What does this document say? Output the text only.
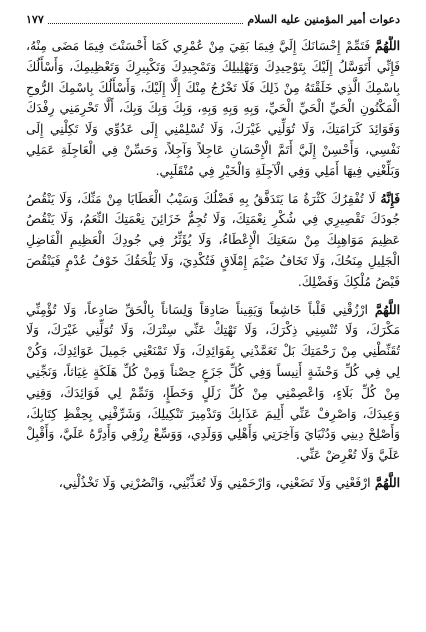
دعوات أمير المؤمنين عليه السلام
١٧٧

اللَّهُمَّ فَتَمِّمْ إِحْسَانَكَ إِلَيَّ فِيمَا بَقِيَ مِنْ عُمْرِي كَمَا أَحْسَنْتَ فِيمَا مَضَى مِنْهُ، فَإِنِّي أَتَوَسَّلُ إِلَيْكَ بِتَوْحِيدِكَ وَتَهْلِيلِكَ وَتَمْجِيدِكَ وَتَكْبِيرِكَ وَتَعْظِيمِكَ، وَأَسْأَلُكَ بِاسْمِكَ الَّذِي خَلَقْتَهُ مِنْ ذَلِكَ فَلَا تَخْرُجُ مِنْكَ إِلَّا إِلَيْكَ، وَأَسْأَلُكَ بِاسْمِكَ الرُّوحِ الْمَكْنُونِ الْحَيِّ الْحَيِّ الْحَيِّ، وَبِهِ وَبِهِ وَبِهِ، وَبِكَ وَبِكَ وَبِكَ، أَلَّا تَحْرِمَنِي رِفْدَكَ وَفَوَائِدَ كَرَامَتِكَ، وَلَا تُوَلِّنِي غَيْرَكَ، وَلَا تُسْلِمْنِي إِلَى عَدُوِّي وَلَا تَكِلْنِي إِلَى نَفْسِي، وَأَحْسِنْ إِلَيَّ أَتَمَّ الْإِحْسَانِ عَاجِلاً وَآجِلاً، وَحَسِّنْ فِي الْعَاجِلَةِ عَمَلِي وَبَلِّغْنِي فِيهَا أَمَلِي وَفِي الْآجِلَةِ وَالْخَيْرِ فِي مُنْقَلَبِي.

فَإِنَّهُ لَا تُفْقِرُكَ كَثْرَةُ مَا يَتَدَفَّقُ بِهِ فَضْلُكَ وَسَيْبُ الْعَطَايَا مِنْ مَنِّكَ، وَلَا يَنْقُصُ جُودَكَ تَقْصِيرِي فِي شُكْرِ نِعْمَتِكَ، وَلَا تُجِمُّ خَزَائِنَ نِعْمَتِكَ النِّعَمُ، وَلَا يَنْقُصُ عَظِيمَ مَوَاهِبِكَ مِنْ سَعَتِكَ الْإِعْطَاءُ، وَلَا يُؤَثِّرُ فِي جُودِكَ الْعَظِيمِ الْفَاضِلِ الْجَلِيلِ مِنَحُكَ، وَلَا تَخَافُ ضَيْمَ إِمْلَاقٍ فَتُكْدِيَ، وَلَا يَلْحَقُكَ خَوْفُ عُدْمٍ فَيَنْقُصَ فَيْضُ مُلْكِكَ وَفَضْلِكَ.

اللَّهُمَّ ارْزُقْنِي قَلْباً خَاشِعاً وَيَقِيناً صَادِقاً وَلِسَاناً بِالْحَقِّ صَادِعاً، وَلَا تُؤْمِنِّي مَكْرَكَ، وَلَا تُنْسِنِي ذِكْرَكَ، وَلَا تَهْتِكْ عَنِّي سِتْرَكَ، وَلَا تُوَلِّنِي غَيْرَكَ، وَلَا تُقَنِّطْنِي مِنْ رَحْمَتِكَ بَلْ تَعَمَّدْنِي بِفَوَائِدِكَ، وَلَا تَمْنَعْنِي جَمِيلَ عَوَائِدِكَ، وَكُنْ لِي فِي كُلِّ وَحْشَةٍ أَنِيساً وَفِي كُلِّ جَزَعٍ حِصْناً وَمِنْ كُلِّ هَلَكَةٍ غِيَاثاً، وَنَجِّنِي مِنْ كُلِّ بَلَاءٍ، وَاعْصِمْنِي مِنْ كُلِّ زَلَلٍ وَخَطَإٍ، وَتَمِّمْ لِي فَوَائِدَكَ، وَقِنِي وَعِيدَكَ، وَاصْرِفْ عَنِّي أَلِيمَ عَذَابِكَ وَتَدْمِيرَ تَنْكِيلِكَ، وَشَرِّفْنِي بِحِفْظِ كِتَابِكَ، وَأَصْلِحْ دِينِي وَدُنْيَايَ وَآخِرَتِي وَأَهْلِي وَوَلَدِي، وَوَسِّعْ رِزْقِي وَأَدِرَّهُ عَلَيَّ، وَأَقْبِلْ عَلَيَّ وَلَا تُعْرِضْ عَنِّي.

اللَّهُمَّ ارْفَعْنِي وَلَا تَضَعْنِي، وَارْحَمْنِي وَلَا تُعَذِّبْنِي، وَانْصُرْنِي وَلَا تَخْذُلْنِي،
